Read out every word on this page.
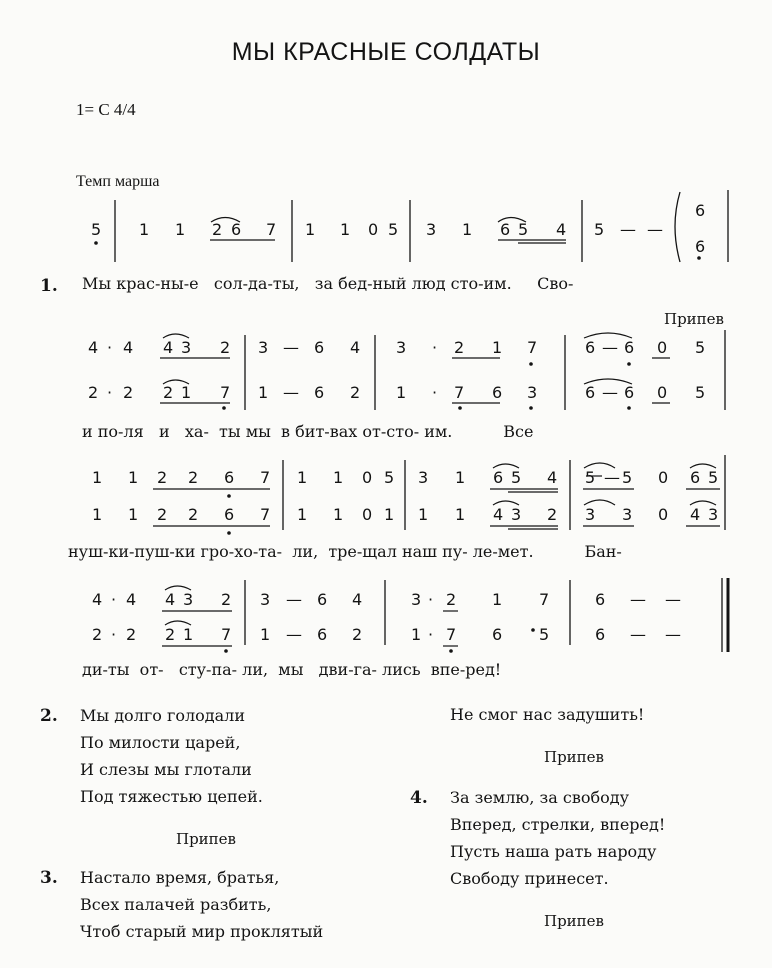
МЫ КРАСНЫЕ СОЛДАТЫ
1= C 4/4
Темп марша
5 1 1 2 6 7 1 1 0 5 3 1 6 5 4 5 — —
6
6
4 · 4 4 3 2 3 — 6 4 3 · 2 1 7	6 — 6 0 5
2 · 2 2 1 7 1 — 6 2 1 · 7 6 3	6 — 6 0 5
1 1 2 2 6 7 1 1 0 5 3 1 6 5 4 5 — 5 0 6 5
1 1 2 2 6 7 1 1 0 1 1 1 4 3 2 3 3 0 4 3
4 · 4 4 3 2 3 — 6 4	3 · 2 1 7	6 — —
2 · 2 2 1 7 1 — 6 2	1 · 7 6 5	6 — —
Припев
1. Мы крас-ны-е   сол-да-ты,   за бед-ный люд сто-им.     Сво-
и по-ля   и   ха-  ты мы  в бит-вах от-сто- им.          Все
нуш-ки-пуш-ки гро-хо-та-  ли,  тре-щал наш пу- ле-мет.          Бан-
ди-ты  от-   сту-па- ли,  мы   дви-га- лись  впе-ред!
2. Мы долго голодали
По милости царей,
И слезы мы глотали
Под тяжестью цепей.
Припев
3. Настало время, братья,
Всех палачей разбить,
Чтоб старый мир проклятый
Не смог нас задушить!
Припев
4. За землю, за свободу
Вперед, стрелки, вперед!
Пусть наша рать народу
Свободу принесет.
Припев
